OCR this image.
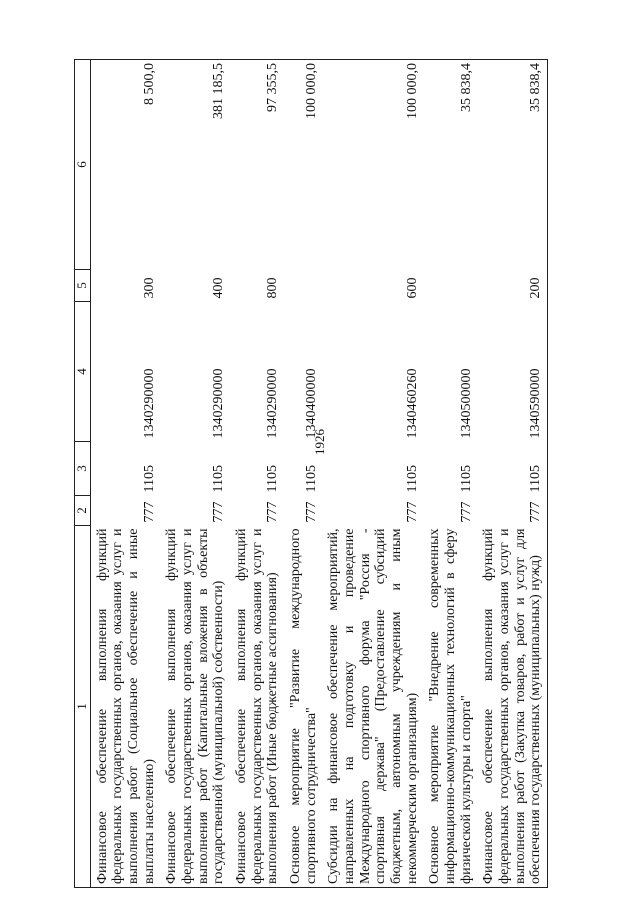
1926
1	2	3	4	5	6
Финансовое обеспечение выполнения функций федеральных государственных органов, оказания услуг и выполнения работ (Социальное обеспечение и иные выплаты населению)	777	1105	1340290000	300	8 500,0
Финансовое обеспечение выполнения функций федеральных государственных органов, оказания услуг и выполнения работ (Капитальные вложения в объекты государственной (муниципальной) собственности)	777	1105	1340290000	400	381 185,5
Финансовое обеспечение выполнения функций федеральных государственных органов, оказания услуг и выполнения работ (Иные бюджетные ассигнования)	777	1105	1340290000	800	97 355,5
Основное мероприятие "Развитие международного спортивного сотрудничества"	777	1105	1340400000		100 000,0
Субсидии на финансовое обеспечение мероприятий, направленных на подготовку и проведение Международного спортивного форума "Россия - спортивная держава" (Предоставление субсидий бюджетным, автономным учреждениям и иным некоммерческим организациям)	777	1105	1340460260	600	100 000,0
Основное мероприятие "Внедрение современных информационно-коммуникационных технологий в сферу физической культуры и спорта"	777	1105	1340500000		35 838,4
Финансовое обеспечение выполнения функций федеральных государственных органов, оказания услуг и выполнения работ (Закупка товаров, работ и услуг для обеспечения государственных (муниципальных) нужд)	777	1105	1340590000	200	35 838,4
